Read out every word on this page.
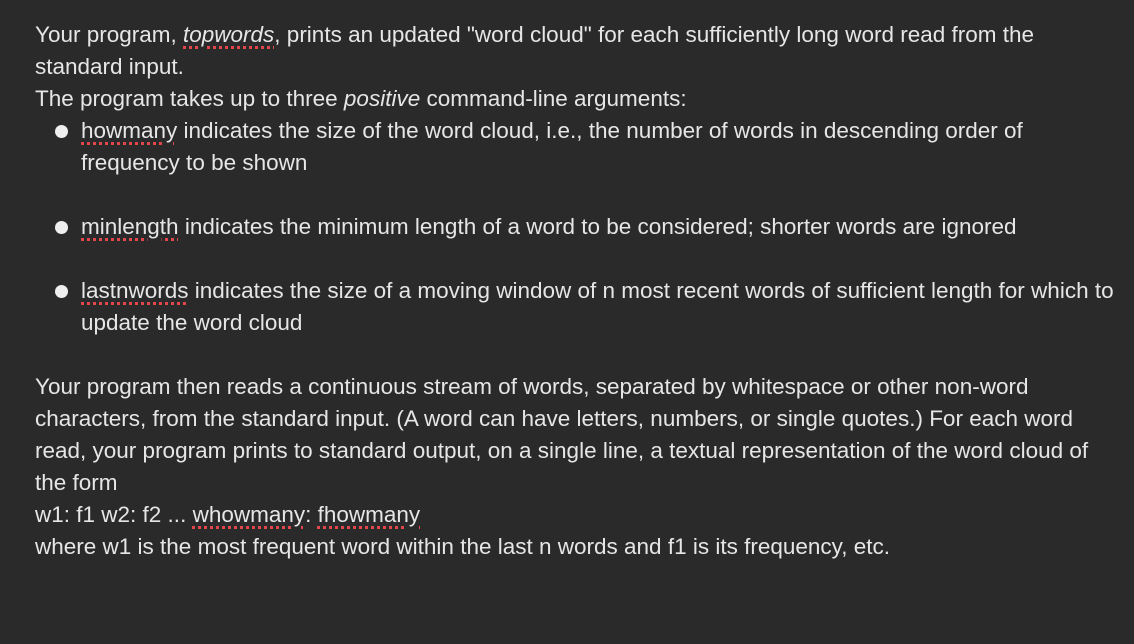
Your program, topwords, prints an updated "word cloud" for each sufficiently long word read from the standard input.

The program takes up to three positive command-line arguments:

howmany indicates the size of the word cloud, i.e., the number of words in descending order of frequency to be shown
minlength indicates the minimum length of a word to be considered; shorter words are ignored
lastnwords indicates the size of a moving window of n most recent words of sufficient length for which to update the word cloud

Your program then reads a continuous stream of words, separated by whitespace or other non-word characters, from the standard input. (A word can have letters, numbers, or single quotes.) For each word read, your program prints to standard output, on a single line, a textual representation of the word cloud of the form

w1: f1 w2: f2 ... whowmany: fhowmany

where w1 is the most frequent word within the last n words and f1 is its frequency, etc.
